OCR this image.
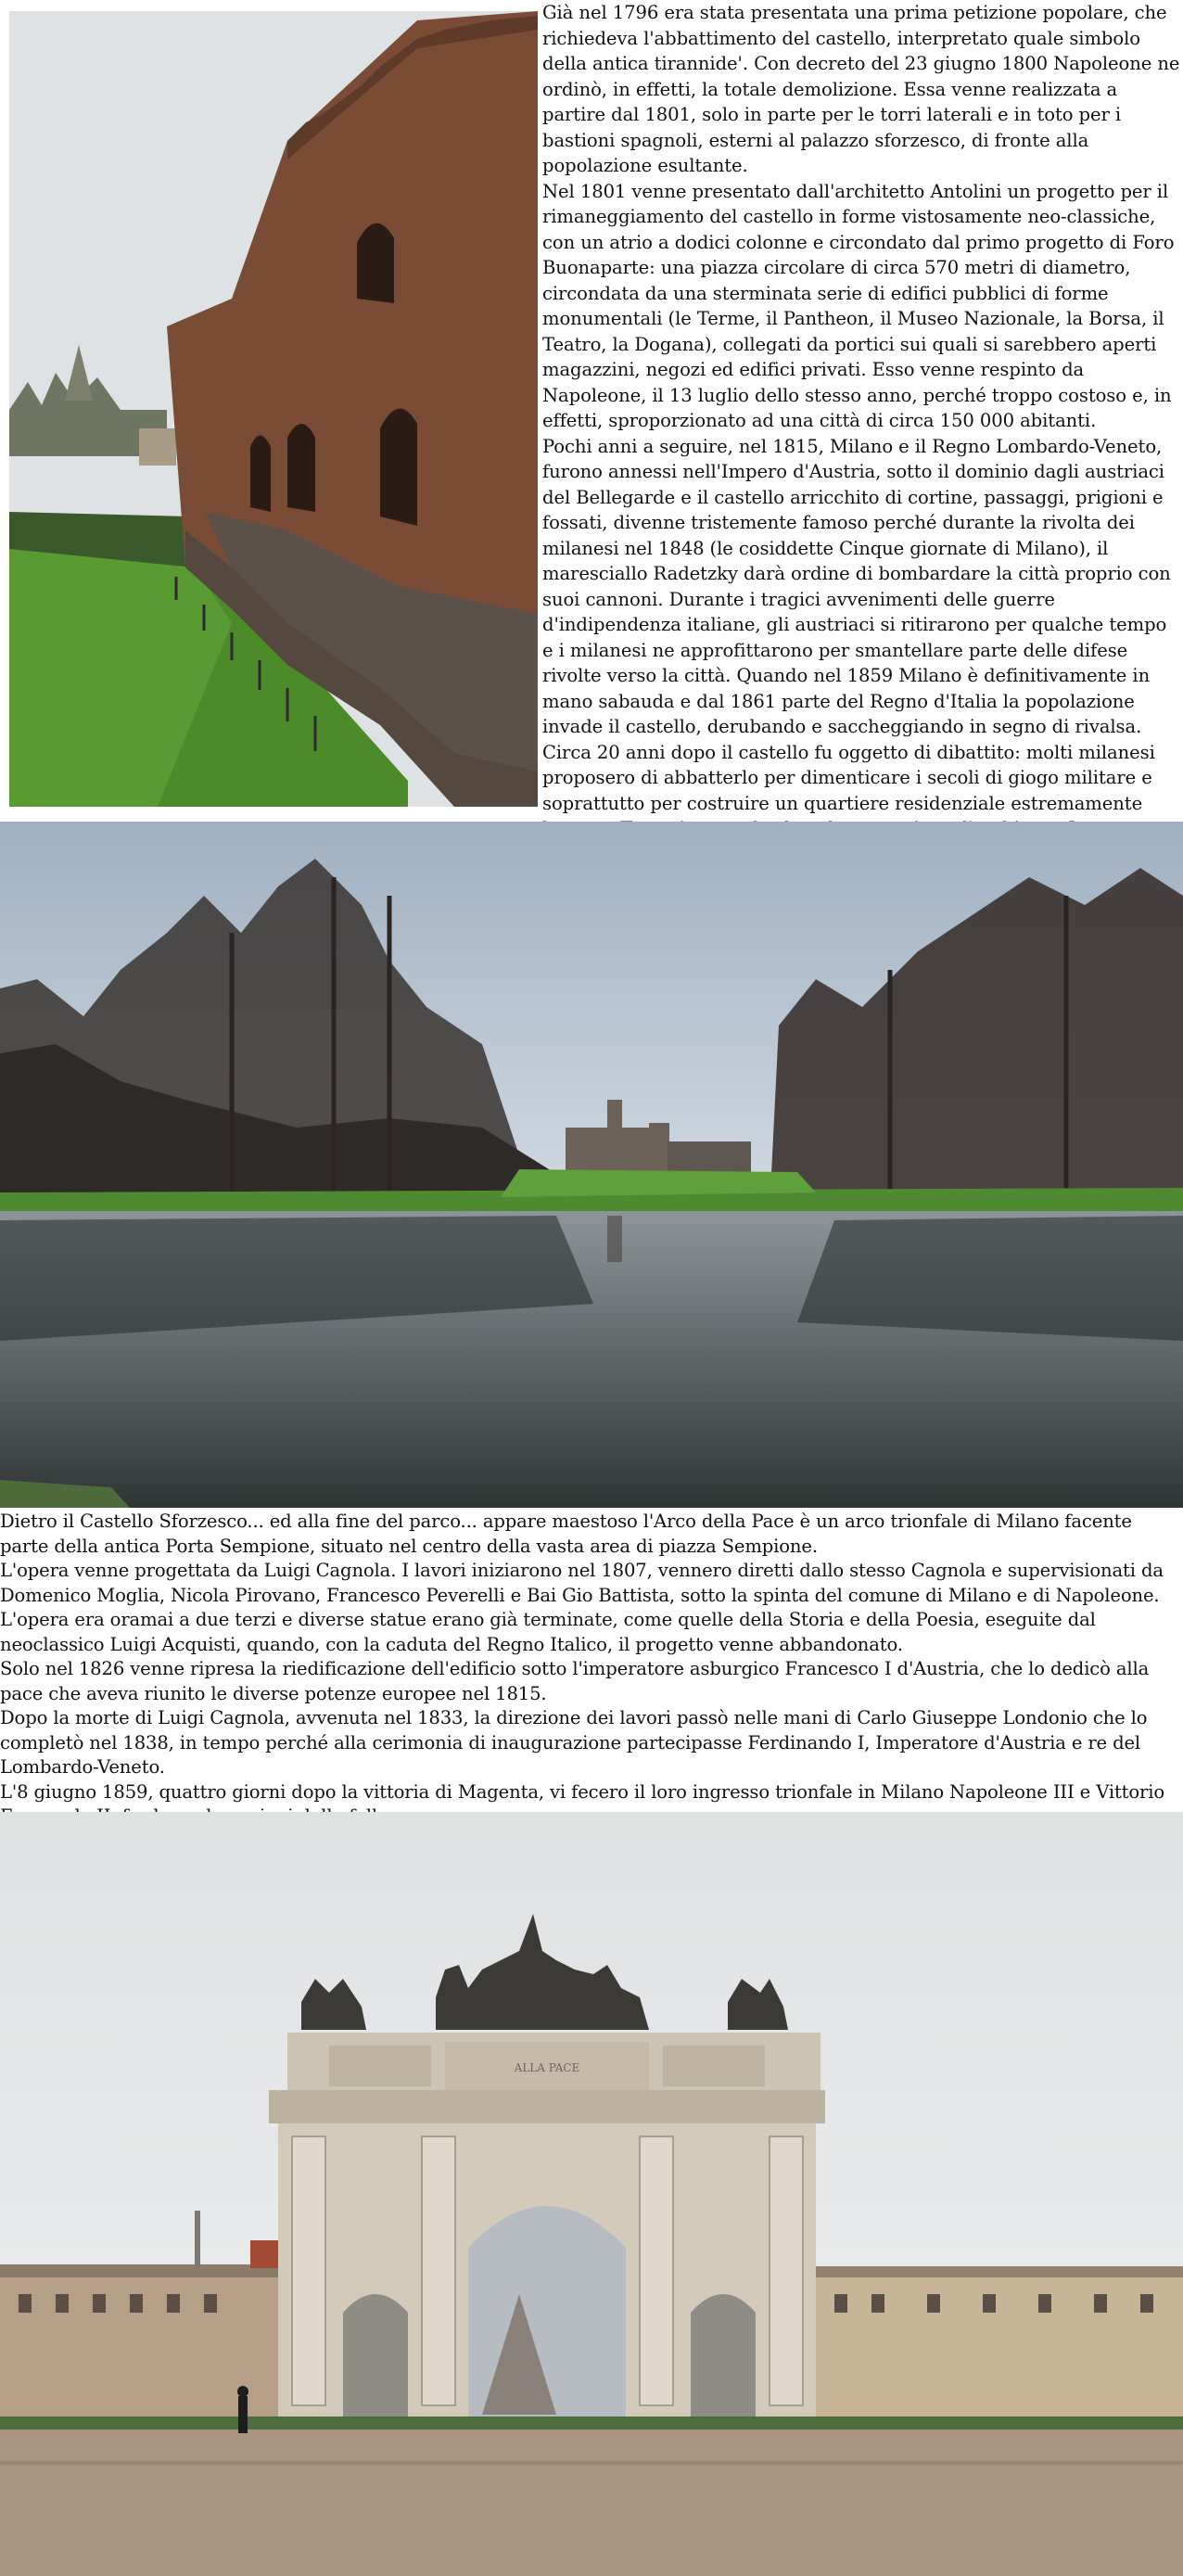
Già nel 1796 era stata presentata una prima petizione popolare, che richiedeva l'abbattimento del castello, interpretato quale simbolo della antica tirannide'. Con decreto del 23 giugno 1800 Napoleone ne ordinò, in effetti, la totale demolizione. Essa venne realizzata a partire dal 1801, solo in parte per le torri laterali e in toto per i bastioni spagnoli, esterni al palazzo sforzesco, di fronte alla popolazione esultante.

Nel 1801 venne presentato dall'architetto Antolini un progetto per il rimaneggiamento del castello in forme vistosamente neo-classiche, con un atrio a dodici colonne e circondato dal primo progetto di Foro Buonaparte: una piazza circolare di circa 570 metri di diametro, circondata da una sterminata serie di edifici pubblici di forme monumentali (le Terme, il Pantheon, il Museo Nazionale, la Borsa, il Teatro, la Dogana), collegati da portici sui quali si sarebbero aperti magazzini, negozi ed edifici privati. Esso venne respinto da Napoleone, il 13 luglio dello stesso anno, perché troppo costoso e, in effetti, sproporzionato ad una città di circa 150 000 abitanti.

Pochi anni a seguire, nel 1815, Milano e il Regno Lombardo-Veneto, furono annessi nell'Impero d'Austria, sotto il dominio dagli austriaci del Bellegarde e il castello arricchito di cortine, passaggi, prigioni e fossati, divenne tristemente famoso perché durante la rivolta dei milanesi nel 1848 (le cosiddette Cinque giornate di Milano), il maresciallo Radetzky darà ordine di bombardare la città proprio con suoi cannoni. Durante i tragici avvenimenti delle guerre d'indipendenza italiane, gli austriaci si ritirarono per qualche tempo e i milanesi ne approfittarono per smantellare parte delle difese rivolte verso la città. Quando nel 1859 Milano è definitivamente in mano sabauda e dal 1861 parte del Regno d'Italia la popolazione invade il castello, derubando e saccheggiando in segno di rivalsa.

Circa 20 anni dopo il castello fu oggetto di dibattito: molti milanesi proposero di abbatterlo per dimenticare i secoli di giogo militare e soprattutto per costruire un quartiere residenziale estremamente

Dietro il Castello Sforzesco... ed alla fine del parco... appare maestoso l'Arco della Pace è un arco trionfale di Milano facente parte della antica Porta Sempione, situato nel centro della vasta area di piazza Sempione.

L'opera venne progettata da Luigi Cagnola. I lavori iniziarono nel 1807, vennero diretti dallo stesso Cagnola e supervisionati da Domenico Moglia, Nicola Pirovano, Francesco Peverelli e Bai Gio Battista, sotto la spinta del comune di Milano e di Napoleone.

L'opera era oramai a due terzi e diverse statue erano già terminate, come quelle della Storia e della Poesia, eseguite dal neoclassico Luigi Acquisti, quando, con la caduta del Regno Italico, il progetto venne abbandonato.

Solo nel 1826 venne ripresa la riedificazione dell'edificio sotto l'imperatore asburgico Francesco I d'Austria, che lo dedicò alla pace che aveva riunito le diverse potenze europee nel 1815.

Dopo la morte di Luigi Cagnola, avvenuta nel 1833, la direzione dei lavori passò nelle mani di Carlo Giuseppe Londonio che lo completò nel 1838, in tempo perché alla cerimonia di inaugurazione partecipasse Ferdinando I, Imperatore d'Austria e re del Lombardo-Veneto.

L'8 giugno 1859, quattro giorni dopo la vittoria di Magenta, vi fecero il loro ingresso trionfale in Milano Napoleone III e Vittorio

ALLA PACE
